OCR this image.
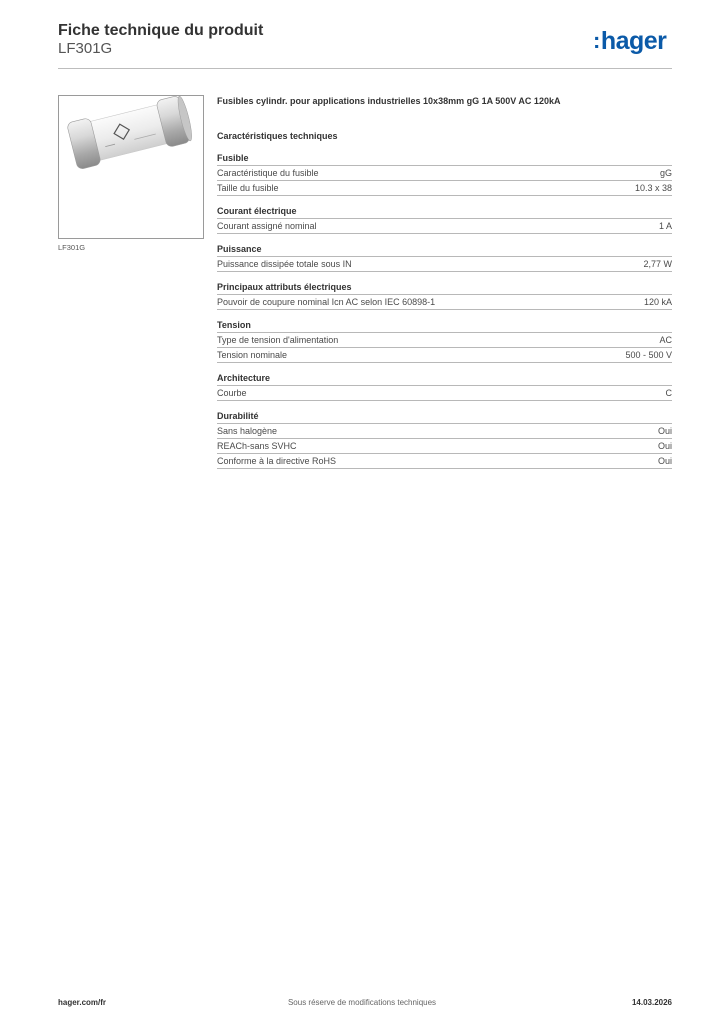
Fiche technique du produit
LF301G	:hager
LF301G
Fusibles cylindr. pour applications industrielles 10x38mm gG 1A 500V AC 120kA
Caractéristiques techniques
Fusible
Caractéristique du fusible	gG
Taille du fusible	10.3 x 38
Courant électrique
Courant assigné nominal	1 A
Puissance
Puissance dissipée totale sous IN	2,77 W
Principaux attributs électriques
Pouvoir de coupure nominal Icn AC selon IEC 60898-1	120 kA
Tension
Type de tension d'alimentation	AC
Tension nominale	500 - 500 V
Architecture
Courbe	C
Durabilité
Sans halogène	Oui
REACh-sans SVHC	Oui
Conforme à la directive RoHS	Oui
hager.com/fr	Sous réserve de modifications techniques	14.03.2026
